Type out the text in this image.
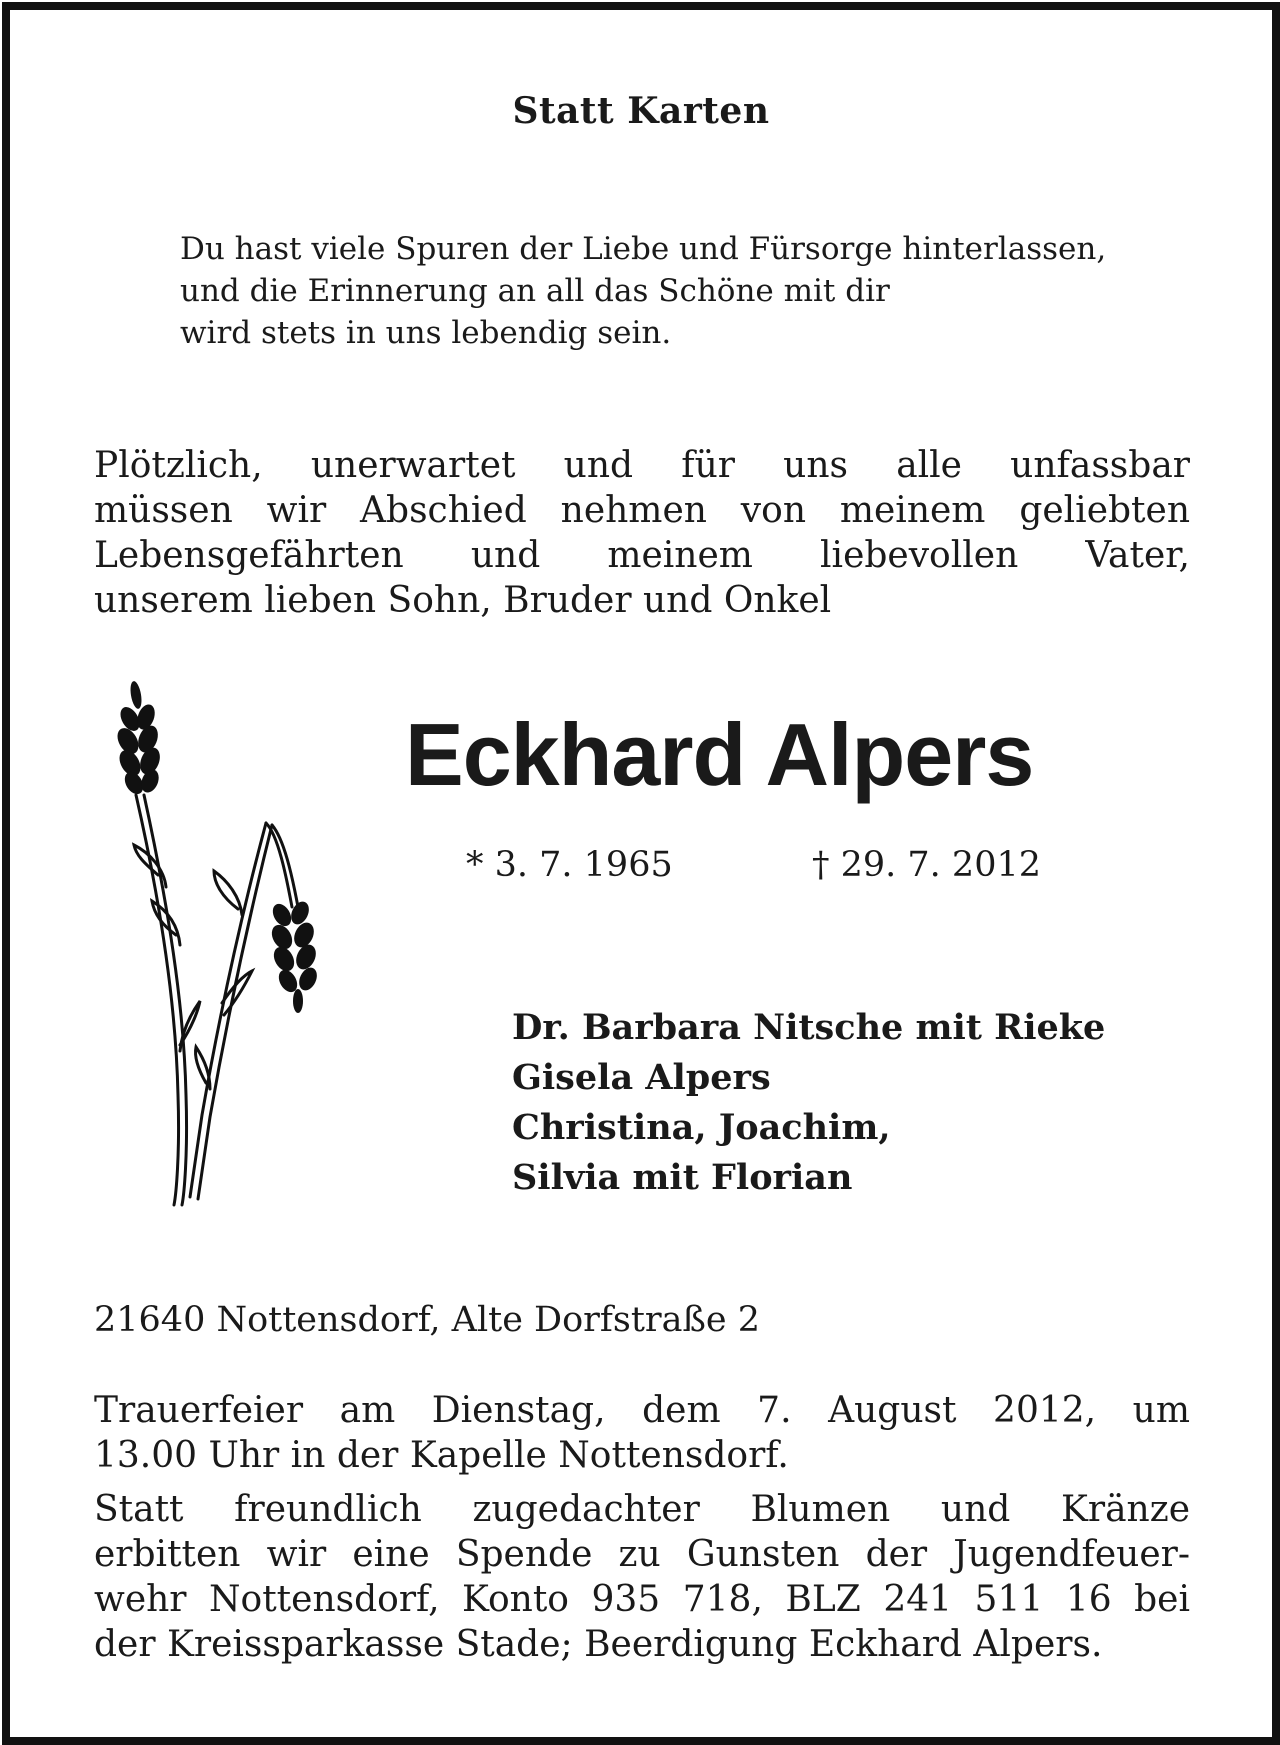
Statt Karten
Du hast viele Spuren der Liebe und Fürsorge hinterlassen,
und die Erinnerung an all das Schöne mit dir
wird stets in uns lebendig sein.
Plötzlich, unerwartet und für uns alle unfassbar
müssen wir Abschied nehmen von meinem geliebten
Lebensgefährten und meinem liebevollen Vater,
unserem lieben Sohn, Bruder und Onkel
Eckhard Alpers
* 3. 7. 1965	† 29. 7. 2012
Dr. Barbara Nitsche mit Rieke
Gisela Alpers
Christina, Joachim,
Silvia mit Florian
21640 Nottensdorf, Alte Dorfstraße 2
Trauerfeier am Dienstag, dem 7. August 2012, um
13.00 Uhr in der Kapelle Nottensdorf.
Statt freundlich zugedachter Blumen und Kränze
erbitten wir eine Spende zu Gunsten der Jugendfeuer-
wehr Nottensdorf, Konto 935 718, BLZ 241 511 16 bei
der Kreissparkasse Stade; Beerdigung Eckhard Alpers.
